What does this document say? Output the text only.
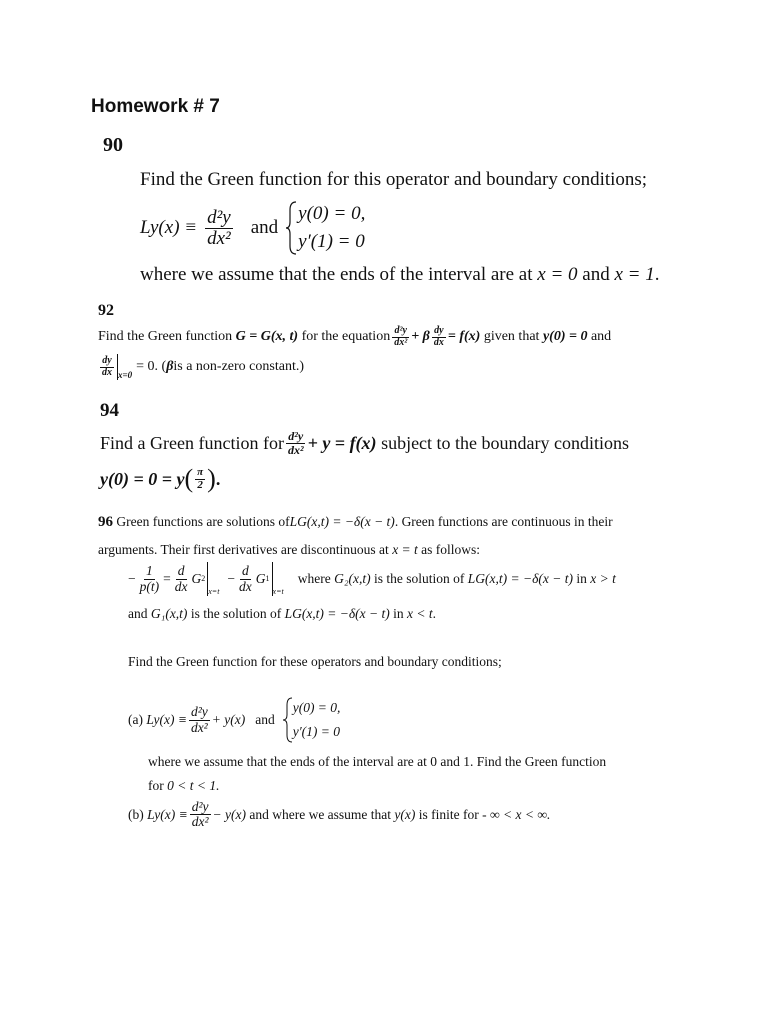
Homework # 7
90
Find the Green function for this operator and boundary conditions;
$Ly(x) \equiv \frac{\text{d²y}}{\text{dx²}}$ and
y(0) = 0,
y′(1) = 0
where we assume that the ends of the interval are at x = 0 and x = 1.
92
Find the Green function
G = G(x, t)
for the equation $\frac{\text{d²y}}{\text{dx²}} + \beta \frac{dy}{dx} = f(x)$
given that
y(0) = 0
and
$\frac{dy}{dx} x=0$
= 0. ( β is a non-zero constant.)
94
Find a Green function for $\frac{\text{d²y}}{\text{dx²}} + y = f(x)$
subject to the boundary conditions
y(0) = 0 = y ( $\frac{\pi}{2}$ ) .
96 Green functions are solutions ofLG(x,t) = −δ(x − t). Green functions are continuous in their
arguments. Their first derivatives are discontinuous at x = t as follows:
− $\frac{1}{p(t)} = \frac{d}{dx}$ G 2
x=t
− $\frac{d}{dx}$ G 1
x=t
where
G₂(x,t)
is the solution of
LG(x,t) = −δ(x − t)
in
x > t
and G₁(x,t) is the solution of LG(x,t) = −δ(x − t) in x < t.
Find the Green function for these operators and boundary conditions;
(a)
$Ly(x) \equiv \frac{\text{d²y}}{\text{dx²}} + y(x)$ and
y(0) = 0,
y′(1) = 0
where we assume that the ends of the interval are at 0 and 1. Find the Green function
for 0 < t < 1.
(b)
$Ly(x) \equiv \frac{\text{d²y}}{\text{dx²}} - y(x)$
and where we assume that
y(x)
is finite for
- ∞ < x < ∞.
